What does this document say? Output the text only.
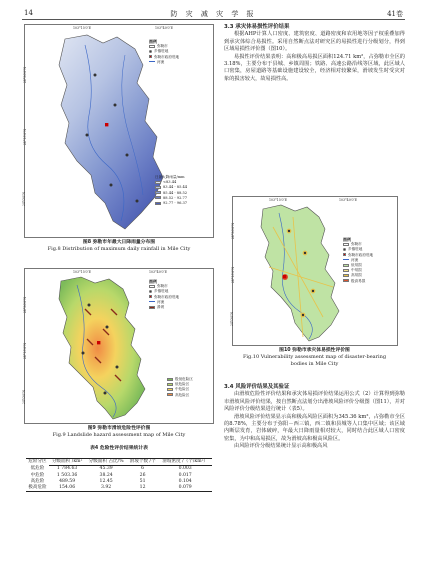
14	防 灾 减 灾 学 报	41卷
103°15′0″E	103°40′0″E
24°30′0″N
24°15′0″N
24°0′0″N
图例
弥勒市
乡镇驻地
弥勒市政府驻地
河流
日最大降雨量/mm
<83.44
83.44 - 85.44
85.44 - 88.52
88.52 - 92.77
92.77 - 96.37
图8 弥勒市年最大日降雨量分布图
Fig.8 Distribution of maximum daily rainfall in Mile City
103°15′0″E	103°40′0″E
24°30′0″N
24°15′0″N
24°0′0″N
图例
弥勒市
乡镇驻地
弥勒市政府驻地
河流
滑坡
极低危险区
低危险区
中危险区
高危险区
图9 弥勒市滑坡危险性评价图
Fig.9 Landslide hazard assessment map of Mile City
表4 危险性评价结果统计表
危险分区	分级面积 /km²	分级面积 占比/%	滑坡个数 /个	滑坡密度 /（个/km²）

低危险	1 784.63	45.39	6	0.003
中危险	1 503.36	38.24	26	0.017
高危险	489.59	12.45	51	0.104
极高危险	154.06	3.92	12	0.079
3.3 承灾体易损性评价结果

根据AHP计算人口密度、建筑密度、道路密度和农用地等因子权重叠加得到承灾体综合易损性。采用自然断点法对研究区的易损性进行分级划分，得到区域易损性评价图（图10）。

易损性评价结果表明：高和极高易损区面积124.71 km²，占弥勒市全区的3.18%，主要分布于县城、乡镇周围；铁路、高速公路沿线等区域，此区域人口密集，房屋道路等基础设施建设较全，经济相对较繁荣，滑坡发生时受灾对象的损害较大，故易损性高。

103°15′0″E	103°40′0″E
24°30′0″N
24°15′0″N
24°0′0″N
图例
弥勒市
乡镇驻地
弥勒市政府驻地
河流
低易损
中易损
高易损
极高易损
图10 弥勒市承灾体易损性评价图
Fig.10 Vulnerability assessment map of disaster-bearing
bodies in Mile City
3.4 风险评价结果及其验证

由滑坡危险性评价结果和承灾体易损评价结果运用公式（2）计算得到弥勒市滑坡风险评价结果，按自然断点法划分出滑坡风险评价分级图（图11），并对风险评价分级结果进行统计（表5）。

滑坡风险评价结果显示高和极高风险区面积为345.36 km²，占弥勒市全区的8.78%，主要分布于弥阳－西三镇，西二镇和县城等人口集中区域；该区域内断层发育，岩体破碎，年最大日降雨量相对较大，同时结合此区域人口密度密集，为中和高易损区，故为滑坡高和极高风险区。

由风险评价分级结果统计显示高和极高风
